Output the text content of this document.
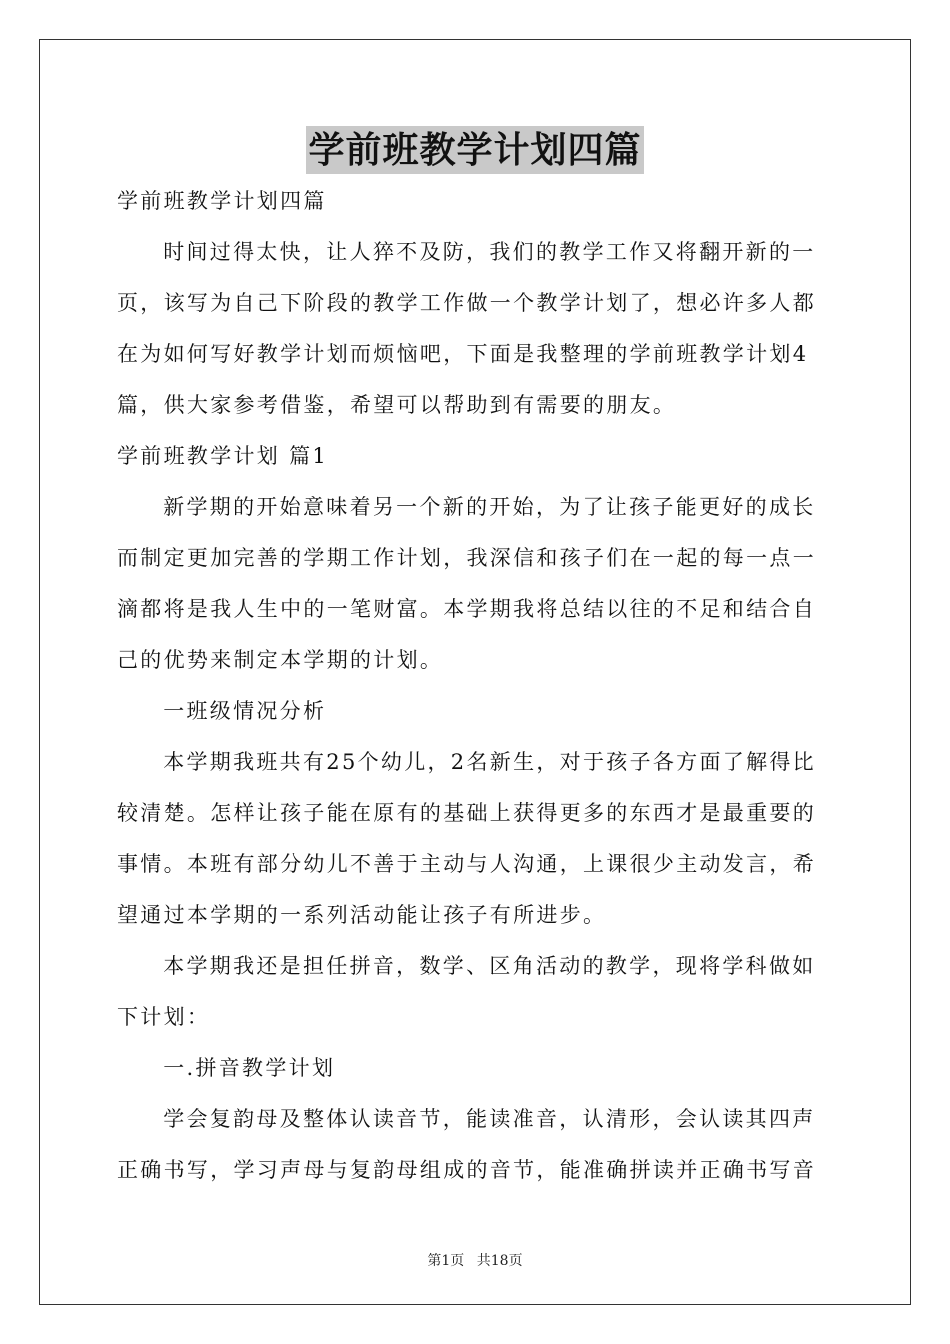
学前班教学计划四篇

学前班教学计划四篇

时间过得太快，让人猝不及防，我们的教学工作又将翻开新的一页，该写为自己下阶段的教学工作做一个教学计划了，想必许多人都在为如何写好教学计划而烦恼吧，下面是我整理的学前班教学计划4篇，供大家参考借鉴，希望可以帮助到有需要的朋友。

学前班教学计划 篇1

新学期的开始意味着另一个新的开始，为了让孩子能更好的成长而制定更加完善的学期工作计划，我深信和孩子们在一起的每一点一滴都将是我人生中的一笔财富。本学期我将总结以往的不足和结合自己的优势来制定本学期的计划。

一班级情况分析

本学期我班共有25个幼儿，2名新生，对于孩子各方面了解得比较清楚。怎样让孩子能在原有的基础上获得更多的东西才是最重要的事情。本班有部分幼儿不善于主动与人沟通，上课很少主动发言，希望通过本学期的一系列活动能让孩子有所进步。

本学期我还是担任拼音，数学、区角活动的教学，现将学科做如下计划：

一.拼音教学计划

学会复韵母及整体认读音节，能读准音，认清形，会认读其四声正确书写，学习声母与复韵母组成的音节，能准确拼读并正确书写音

第1页 共18页
